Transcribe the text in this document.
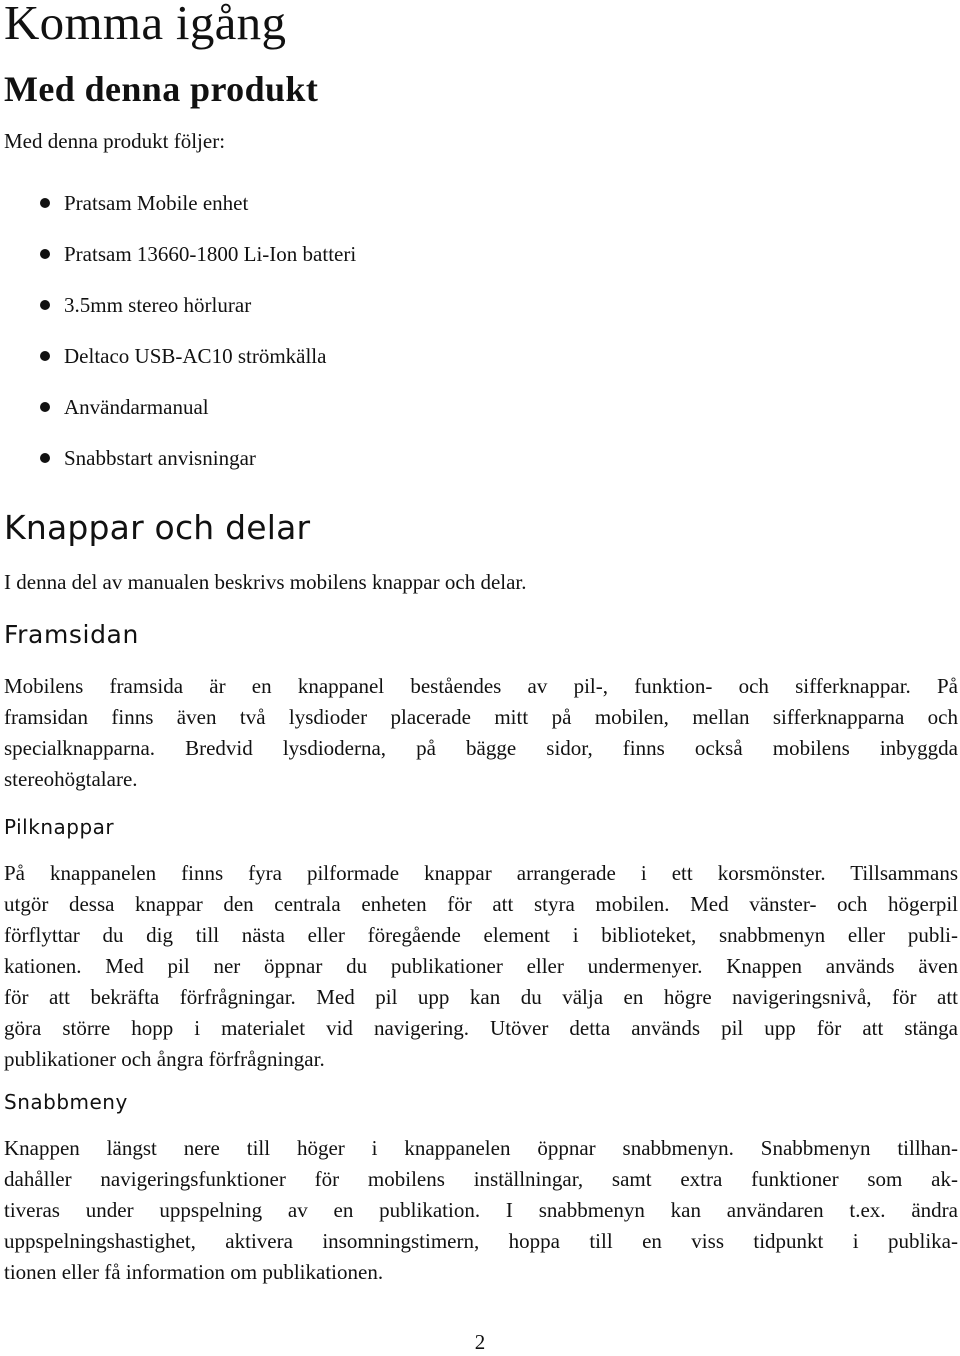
Komma igång
Med denna produkt

Med denna produkt följer:

Pratsam Mobile enhet
Pratsam 13660-1800 Li-Ion batteri
3.5mm stereo hörlurar
Deltaco USB-AC10 strömkälla
Användarmanual
Snabbstart anvisningar
Knappar och delar

I denna del av manualen beskrivs mobilens knappar och delar.

Framsidan
Mobilens framsida är en knappanel beståendes av pil-, funktion- och sifferknappar. På
framsidan finns även två lysdioder placerade mitt på mobilen, mellan sifferknapparna och
specialknapparna. Bredvid lysdioderna, på bägge sidor, finns också mobilens inbyggda
stereohögtalare.
Pilknappar
På knappanelen finns fyra pilformade knappar arrangerade i ett korsmönster. Tillsammans
utgör dessa knappar den centrala enheten för att styra mobilen. Med vänster- och högerpil
förflyttar du dig till nästa eller föregående element i biblioteket, snabbmenyn eller publi-
kationen. Med pil ner öppnar du publikationer eller undermenyer. Knappen används även
för att bekräfta förfrågningar. Med pil upp kan du välja en högre navigeringsnivå, för att
göra större hopp i materialet vid navigering. Utöver detta används pil upp för att stänga
publikationer och ångra förfrågningar.
Snabbmeny
Knappen längst nere till höger i knappanelen öppnar snabbmenyn. Snabbmenyn tillhan-
dahåller navigeringsfunktioner för mobilens inställningar, samt extra funktioner som ak-
tiveras under uppspelning av en publikation. I snabbmenyn kan användaren t.ex. ändra
uppspelningshastighet, aktivera insomningstimern, hoppa till en viss tidpunkt i publika-
tionen eller få information om publikationen.
2
